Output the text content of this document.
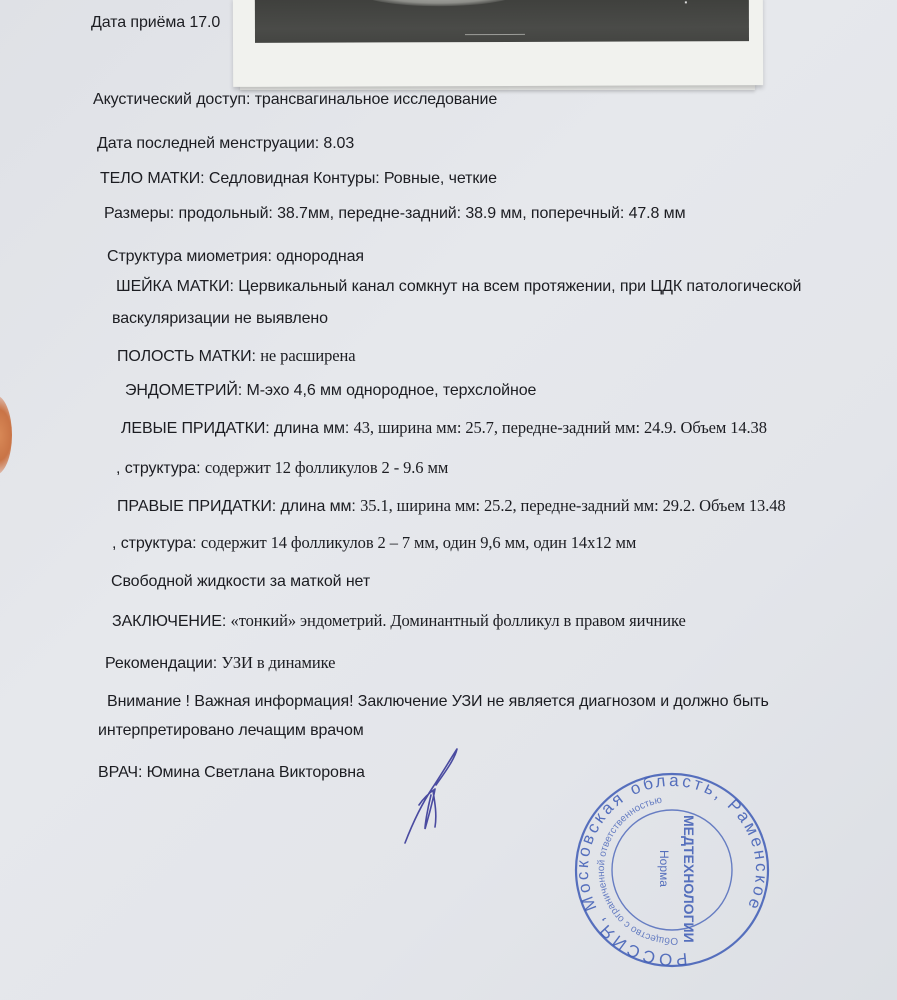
Дата приёма 17.0
Акустический доступ: трансвагинальное исследование
Дата последней менструации: 8.03
ТЕЛО МАТКИ: Седловидная Контуры: Ровные, четкие
Размеры: продольный: 38.7мм, передне-задний: 38.9 мм, поперечный: 47.8 мм
Структура миометрия: однородная
ШЕЙКА МАТКИ: Цервикальный канал сомкнут на всем протяжении, при ЦДК патологической
васкуляризации не выявлено
ПОЛОСТЬ МАТКИ: не расширена
ЭНДОМЕТРИЙ: М-эхо 4,6 мм однородное, терхслойное
ЛЕВЫЕ ПРИДАТКИ: длина мм: 43, ширина мм: 25.7, передне-задний мм: 24.9. Объем 14.38
, структура: содержит 12 фолликулов 2 - 9.6 мм
ПРАВЫЕ ПРИДАТКИ: длина мм: 35.1, ширина мм: 25.2, передне-задний мм: 29.2. Объем 13.48
, структура: содержит 14 фолликулов 2 – 7 мм, один 9,6 мм, один 14х12 мм
Свободной жидкости за маткой нет
ЗАКЛЮЧЕНИЕ: «тонкий» эндометрий. Доминантный фолликул в правом яичнике
Рекомендации: УЗИ в динамике
Внимание ! Важная информация! Заключение УЗИ не является диагнозом и должно быть
интерпретировано лечащим врачом
ВРАЧ: Юмина Светлана Викторовна
РОССИЯ, Московская область, Раменское
Общество с ограниченной ответственностью
МЕДТЕХНОЛОГИИ
Норма
